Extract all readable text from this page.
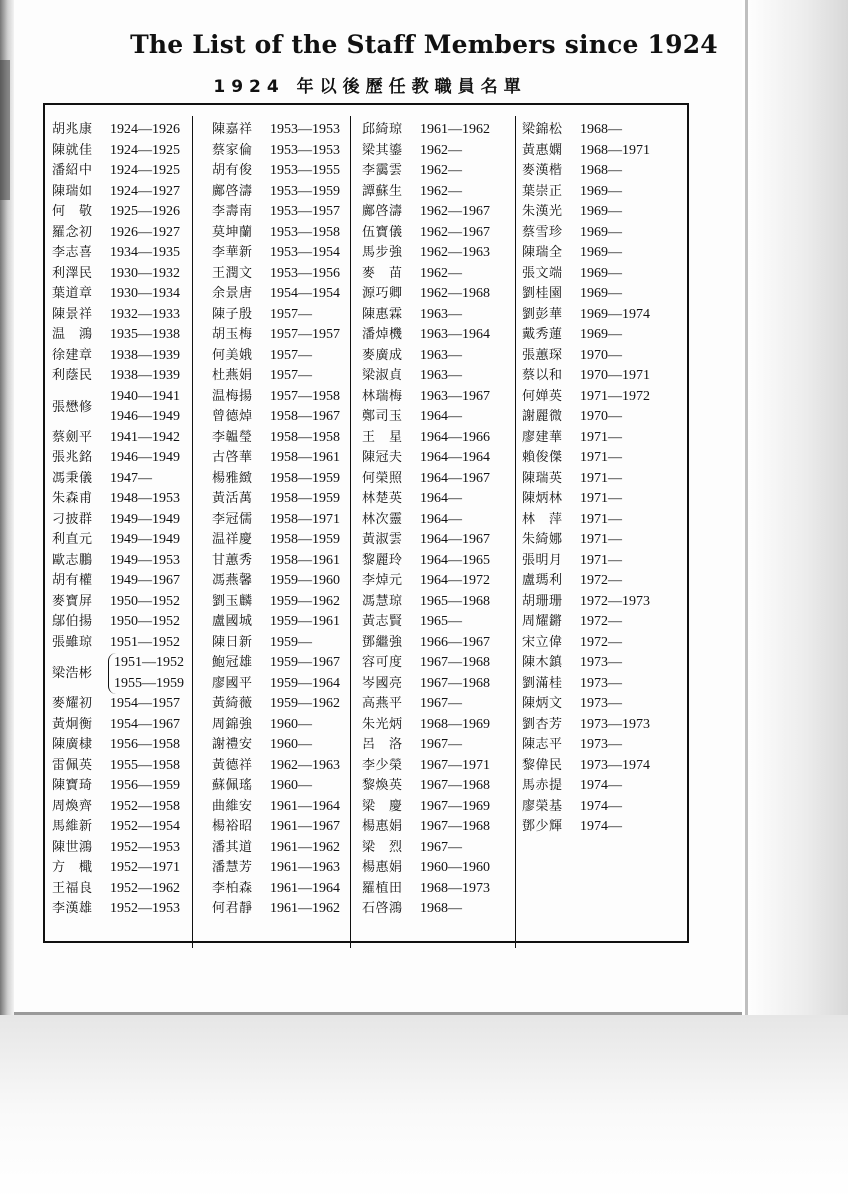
The List of the Staff Members since 1924
1924 年以後歷任教職員名單
胡兆康	1924—1926
陳就佳	1924—1925
潘紹中	1924—1925
陳瑞如	1924—1927
何　敬	1925—1926
羅念初	1926—1927
李志喜	1934—1935
利澤民	1930—1932
葉道章	1930—1934
陳景祥	1932—1933
温　鴻	1935—1938
徐建章	1938—1939
利蔭民	1938—1939
張懋修
1940—1941
1946—1949
蔡劍平	1941—1942
張兆銘	1946—1949
馮秉儀	1947—
朱森甫	1948—1953
刁披群	1949—1949
利直元	1949—1949
歐志鵬	1949—1953
胡有權	1949—1967
麥寶屏	1950—1952
鄔伯揚	1950—1952
張雖琼	1951—1952
梁浩彬
1951—1952
1955—1959
麥耀初	1954—1957
黃炯衡	1954—1967
陳廣棣	1956—1958
雷佩英	1955—1958
陳寶琦	1956—1959
周煥齊	1952—1958
馬維新	1952—1954
陳世鴻	1952—1953
方　檝	1952—1971
王福良	1952—1962
李漢雄	1952—1953
陳嘉祥	1953—1953
蔡家倫	1953—1953
胡有俊	1953—1955
鄺啓濤	1953—1959
李壽南	1953—1957
莫坤蘭	1953—1958
李華新	1953—1954
王潤文	1953—1956
余景唐	1954—1954
陳子殷	1957—
胡玉梅	1957—1957
何美娥	1957—
杜燕娟	1957—
温梅揚	1957—1958
曾德焯	1958—1967
李韞瑩	1958—1958
古啓華	1958—1961
楊雅緻	1958—1959
黃活萬	1958—1959
李冠儒	1958—1971
温祥慶	1958—1959
甘蕙秀	1958—1961
馮燕馨	1959—1960
劉玉麟	1959—1962
盧國城	1959—1961
陳日新	1959—
鮑冠雄	1959—1967
廖國平	1959—1964
黃綺薇	1959—1962
周錦強	1960—
謝禮安	1960—
黃德祥	1962—1963
蘇佩瑤	1960—
曲維安	1961—1964
楊裕昭	1961—1967
潘其道	1961—1962
潘慧芳	1961—1963
李柏森	1961—1964
何君靜	1961—1962
邱綺琼	1961—1962
梁其鎏	1962—
李靄雲	1962—
譚蘇生	1962—
鄺啓濤	1962—1967
伍寶儀	1962—1967
馬步強	1962—1963
麥　苗	1962—
源巧卿	1962—1968
陳惠霖	1963—
潘焯機	1963—1964
麥廣成	1963—
梁淑貞	1963—
林瑞梅	1963—1967
鄭司玉	1964—
王　星	1964—1966
陳冠夫	1964—1964
何榮照	1964—1967
林楚英	1964—
林次靈	1964—
黃淑雲	1964—1967
黎麗玲	1964—1965
李焯元	1964—1972
馮慧琼	1965—1968
黃志賢	1965—
鄧繼強	1966—1967
容可度	1967—1968
岑國亮	1967—1968
高燕平	1967—
朱光炳	1968—1969
呂　洛	1967—
李少榮	1967—1971
黎煥英	1967—1968
梁　慶	1967—1969
楊惠娟	1967—1968
梁　烈	1967—
楊惠娟	1960—1960
羅植田	1968—1973
石啓鴻	1968—
梁錦松	1968—
黃惠嫻	1968—1971
麥漢楷	1968—
葉崇正	1969—
朱漢光	1969—
蔡雪珍	1969—
陳瑞全	1969—
張文端	1969—
劉桂園	1969—
劉彭華	1969—1974
戴秀蓮	1969—
張蕙琛	1970—
蔡以和	1970—1971
何婵英	1971—1972
謝麗微	1970—
廖建華	1971—
賴俊傑	1971—
陳瑞英	1971—
陳炳林	1971—
林　萍	1971—
朱綺娜	1971—
張明月	1971—
盧瑪利	1972—
胡珊珊	1972—1973
周耀鏘	1972—
宋立偉	1972—
陳木鎮	1973—
劉滿桂	1973—
陳炳文	1973—
劉杏芳	1973—1973
陳志平	1973—
黎偉民	1973—1974
馬赤提	1974—
廖榮基	1974—
鄧少輝	1974—
